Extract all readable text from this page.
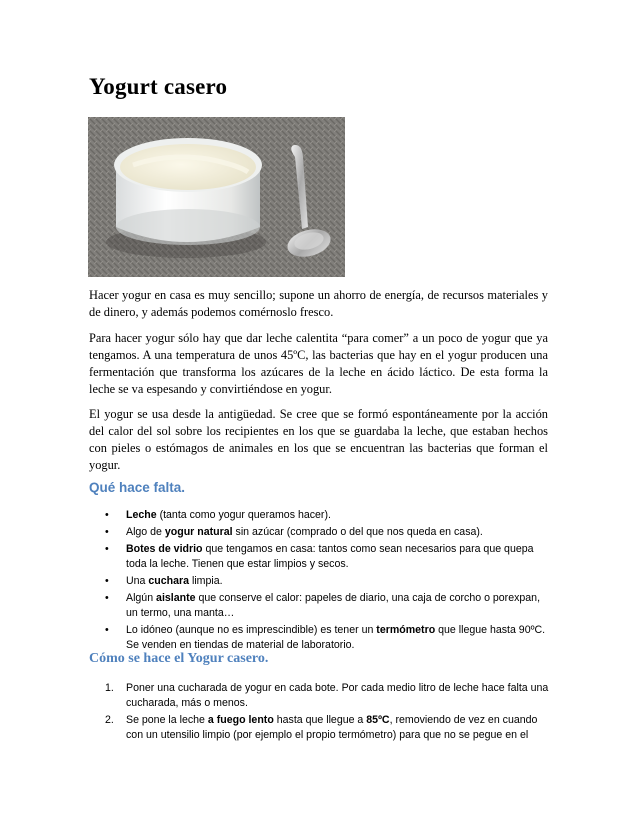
Yogurt casero

Hacer yogur en casa es muy sencillo; supone un ahorro de energía, de recursos materiales y de dinero, y además podemos comérnoslo fresco.

Para hacer yogur sólo hay que dar leche calentita “para comer” a un poco de yogur que ya tengamos. A una temperatura de unos 45ºC, las bacterias que hay en el yogur producen una fermentación que transforma los azúcares de la leche en ácido láctico. De esta forma la leche se va espesando y convirtiéndose en yogur.

El yogur se usa desde la antigüedad. Se cree que se formó espontáneamente por la acción del calor del sol sobre los recipientes en los que se guardaba la leche, que estaban hechos con pieles o estómagos de animales en los que se encuentran las bacterias que forman el yogur.

Qué hace falta.
• Leche (tanta como yogur queramos hacer).
• Algo de yogur natural sin azúcar (comprado o del que nos queda en casa).
• Botes de vidrio que tengamos en casa: tantos como sean necesarios para que quepa toda la leche. Tienen que estar limpios y secos.
• Una cuchara limpia.
• Algún aislante que conserve el calor: papeles de diario, una caja de corcho o porexpan, un termo, una manta…
• Lo idóneo (aunque no es imprescindible) es tener un termómetro que llegue hasta 90ºC. Se venden en tiendas de material de laboratorio.
Cómo se hace el Yogur casero.
1. Poner una cucharada de yogur en cada bote. Por cada medio litro de leche hace falta una cucharada, más o menos.
2. Se pone la leche a fuego lento hasta que llegue a 85ºC, removiendo de vez en cuando con un utensilio limpio (por ejemplo el propio termómetro) para que no se pegue en el
